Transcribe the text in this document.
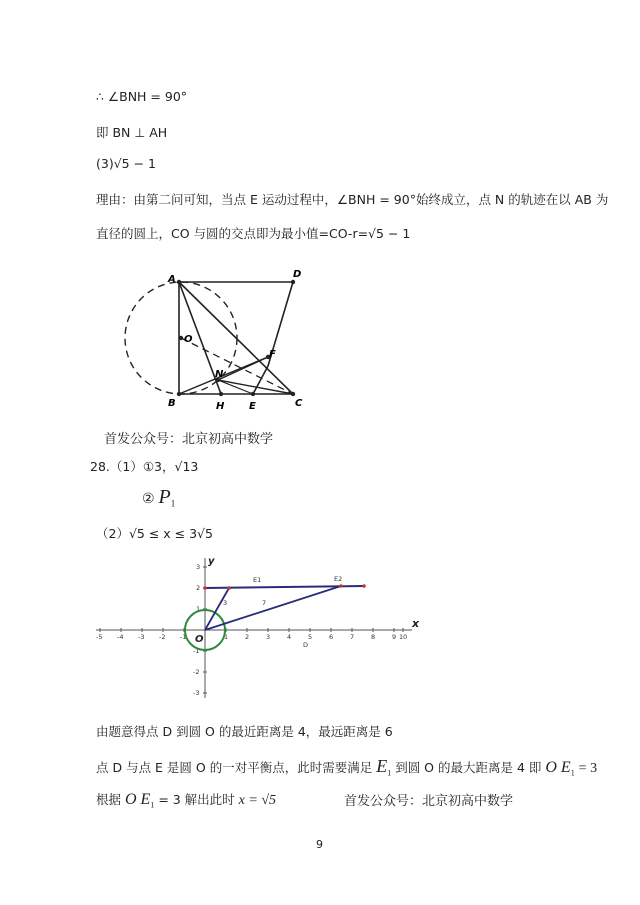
∴ ∠BNH = 90°
即 BN ⊥ AH
(3)√5 − 1
理由：由第二问可知，当点 E 运动过程中，∠BNH = 90°始终成立，点 N 的轨迹在以 AB 为
直径的圆上，CO 与圆的交点即为最小值=CO-r=√5 − 1
A	D
O
F
N
B	H E	C
首发公众号：北京初高中数学
28.（1）①3，√13
② $P_1$
（2）√5 ≤ x ≤ 3√5
-5 -4 -3 -2 -1	1	2	3	4	5	6	7	8	9 10
3
2
1
-1
-2
-3
y
x
O
E1	E2
D
3	7
由题意得点 D 到圆 O 的最近距离是 4，最远距离是 6
点 D 与点 E 是圆 O 的一对平衡点，此时需要满足 $E_1$ 到圆 O 的最大距离是 4 即 O $E_1 = 3$
根据 O $E_1 = 3$ 解出此时 x = √5	首发公众号：北京初高中数学
9
